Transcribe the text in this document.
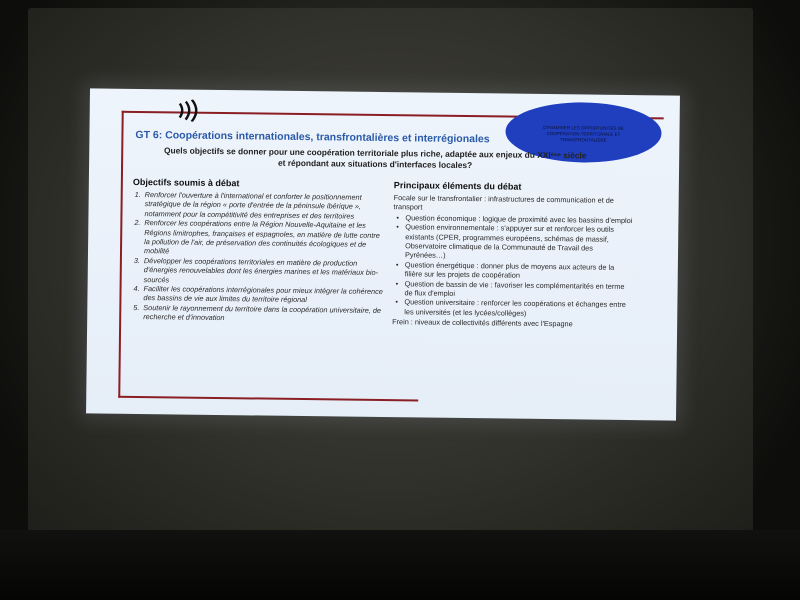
DYNAMISER LES OPPORTUNITÉS DE COOPÉRATION TERRITORIALE ET TRANSFRONTALIÈRE
GT 6: Coopérations internationales, transfrontalières et interrégionales
Quels objectifs se donner pour une coopération territoriale plus riche, adaptée aux enjeux du XXIème siècle
et répondant aux situations d'interfaces locales?
Objectifs soumis à débat
1. Renforcer l'ouverture à l'international et conforter le positionnement stratégique de la région « porte d'entrée de la péninsule ibérique », notamment pour la compétitivité des entreprises et des territoires
2. Renforcer les coopérations entre la Région Nouvelle-Aquitaine et les Régions limitrophes, françaises et espagnoles, en matière de lutte contre la pollution de l'air, de préservation des continuités écologiques et de mobilité
3. Développer les coopérations territoriales en matière de production d'énergies renouvelables dont les énergies marines et les matériaux bio-sourcés
4. Faciliter les coopérations interrégionales pour mieux intégrer la cohérence des bassins de vie aux limites du territoire régional
5. Soutenir le rayonnement du territoire dans la coopération universitaire, de recherche et d'innovation
Principaux éléments du débat
Focale sur le transfrontalier : infrastructures de communication et de transport
• Question économique : logique de proximité avec les bassins d'emploi
• Question environnementale : s'appuyer sur et renforcer les outils existants (CPER, programmes européens, schémas de massif, Observatoire climatique de la Communauté de Travail des Pyrénées…)
• Question énergétique : donner plus de moyens aux acteurs de la filière sur les projets de coopération
• Question de bassin de vie : favoriser les complémentarités en terme de flux d'emploi
• Question universitaire : renforcer les coopérations et échanges entre les universités (et les lycées/collèges)
Frein : niveaux de collectivités différents avec l'Espagne
